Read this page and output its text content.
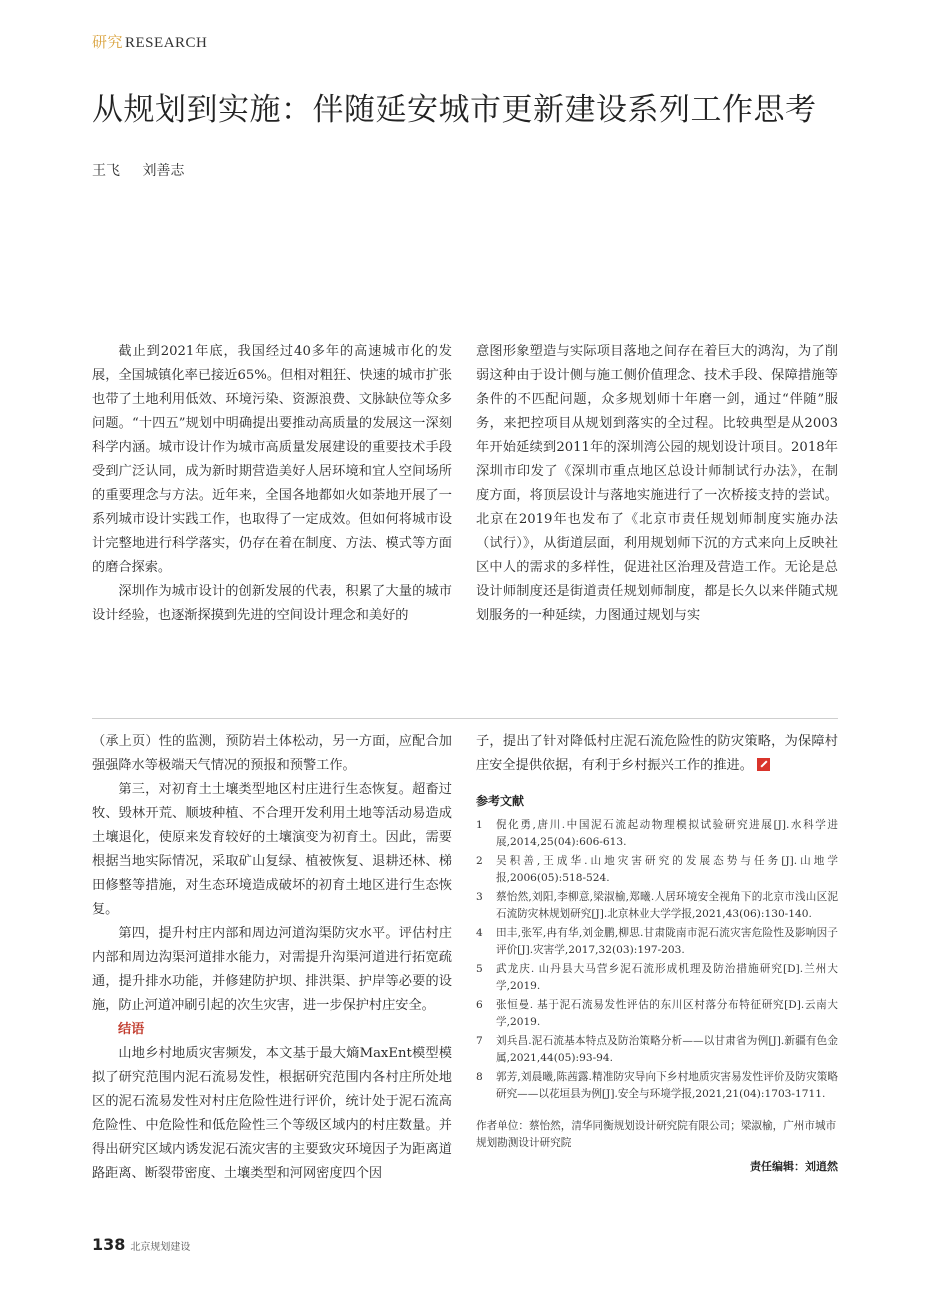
研究 RESEARCH
从规划到实施：伴随延安城市更新建设系列工作思考
王飞 刘善志

截止到2021年底，我国经过40多年的高速城市化的发展，全国城镇化率已接近65%。但相对粗狂、快速的城市扩张也带了土地利用低效、环境污染、资源浪费、文脉缺位等众多问题。“十四五”规划中明确提出要推动高质量的发展这一深刻科学内涵。城市设计作为城市高质量发展建设的重要技术手段受到广泛认同，成为新时期营造美好人居环境和宜人空间场所的重要理念与方法。近年来，全国各地都如火如荼地开展了一系列城市设计实践工作，也取得了一定成效。但如何将城市设计完整地进行科学落实，仍存在着在制度、方法、模式等方面的磨合探索。

深圳作为城市设计的创新发展的代表，积累了大量的城市设计经验，也逐渐探摸到先进的空间设计理念和美好的

意图形象塑造与实际项目落地之间存在着巨大的鸿沟，为了削弱这种由于设计侧与施工侧价值理念、技术手段、保障措施等条件的不匹配问题，众多规划师十年磨一剑，通过“伴随”服务，来把控项目从规划到落实的全过程。比较典型是从2003年开始延续到2011年的深圳湾公园的规划设计项目。2018年深圳市印发了《深圳市重点地区总设计师制试行办法》，在制度方面，将顶层设计与落地实施进行了一次桥接支持的尝试。北京在2019年也发布了《北京市责任规划师制度实施办法（试行）》，从街道层面，利用规划师下沉的方式来向上反映社区中人的需求的多样性，促进社区治理及营造工作。无论是总设计师制度还是街道责任规划师制度，都是长久以来伴随式规划服务的一种延续，力图通过规划与实

（承上页）性的监测，预防岩土体松动，另一方面，应配合加强强降水等极端天气情况的预报和预警工作。

第三，对初育土土壤类型地区村庄进行生态恢复。超畜过牧、毁林开荒、顺坡种植、不合理开发利用土地等活动易造成土壤退化，使原来发育较好的土壤演变为初育土。因此，需要根据当地实际情况，采取矿山复绿、植被恢复、退耕还林、梯田修整等措施，对生态环境造成破坏的初育土地区进行生态恢复。

第四，提升村庄内部和周边河道沟渠防灾水平。评估村庄内部和周边沟渠河道排水能力，对需提升沟渠河道进行拓宽疏通，提升排水功能，并修建防护坝、排洪渠、护岸等必要的设施，防止河道冲刷引起的次生灾害，进一步保护村庄安全。

结语

山地乡村地质灾害频发，本文基于最大熵MaxEnt模型模拟了研究范围内泥石流易发性，根据研究范围内各村庄所处地区的泥石流易发性对村庄危险性进行评价，统计处于泥石流高危险性、中危险性和低危险性三个等级区域内的村庄数量。并得出研究区域内诱发泥石流灾害的主要致灾环境因子为距离道路距离、断裂带密度、土壤类型和河网密度四个因

子，提出了针对降低村庄泥石流危险性的防灾策略，为保障村庄安全提供依据，有利于乡村振兴工作的推进。

参考文献
1	倪化勇,唐川.中国泥石流起动物理模拟试验研究进展[J].水科学进展,2014,25(04):606-613.
2	吴积善,王成华.山地灾害研究的发展态势与任务[J].山地学报,2006(05):518-524.
3	蔡怡然,刘阳,李柳意,梁淑榆,郑曦.人居环境安全视角下的北京市浅山区泥石流防灾林规划研究[J].北京林业大学学报,2021,43(06):130-140.
4	田丰,张军,冉有华,刘金鹏,柳思.甘肃陇南市泥石流灾害危险性及影响因子评价[J].灾害学,2017,32(03):197-203.
5	武龙庆. 山丹县大马营乡泥石流形成机理及防治措施研究[D].兰州大学,2019.
6	张恒曼. 基于泥石流易发性评估的东川区村落分布特征研究[D].云南大学,2019.
7	刘兵昌.泥石流基本特点及防治策略分析——以甘肃省为例[J].新疆有色金属,2021,44(05):93-94.
8	郭芳,刘晨曦,陈茜露.精准防灾导向下乡村地质灾害易发性评价及防灾策略研究——以花垣县为例[J].安全与环境学报,2021,21(04):1703-1711.
作者单位：蔡怡然，清华同衡规划设计研究院有限公司；梁淑榆，广州市城市规划勘测设计研究院
责任编辑：刘逍然
138 北京规划建设
